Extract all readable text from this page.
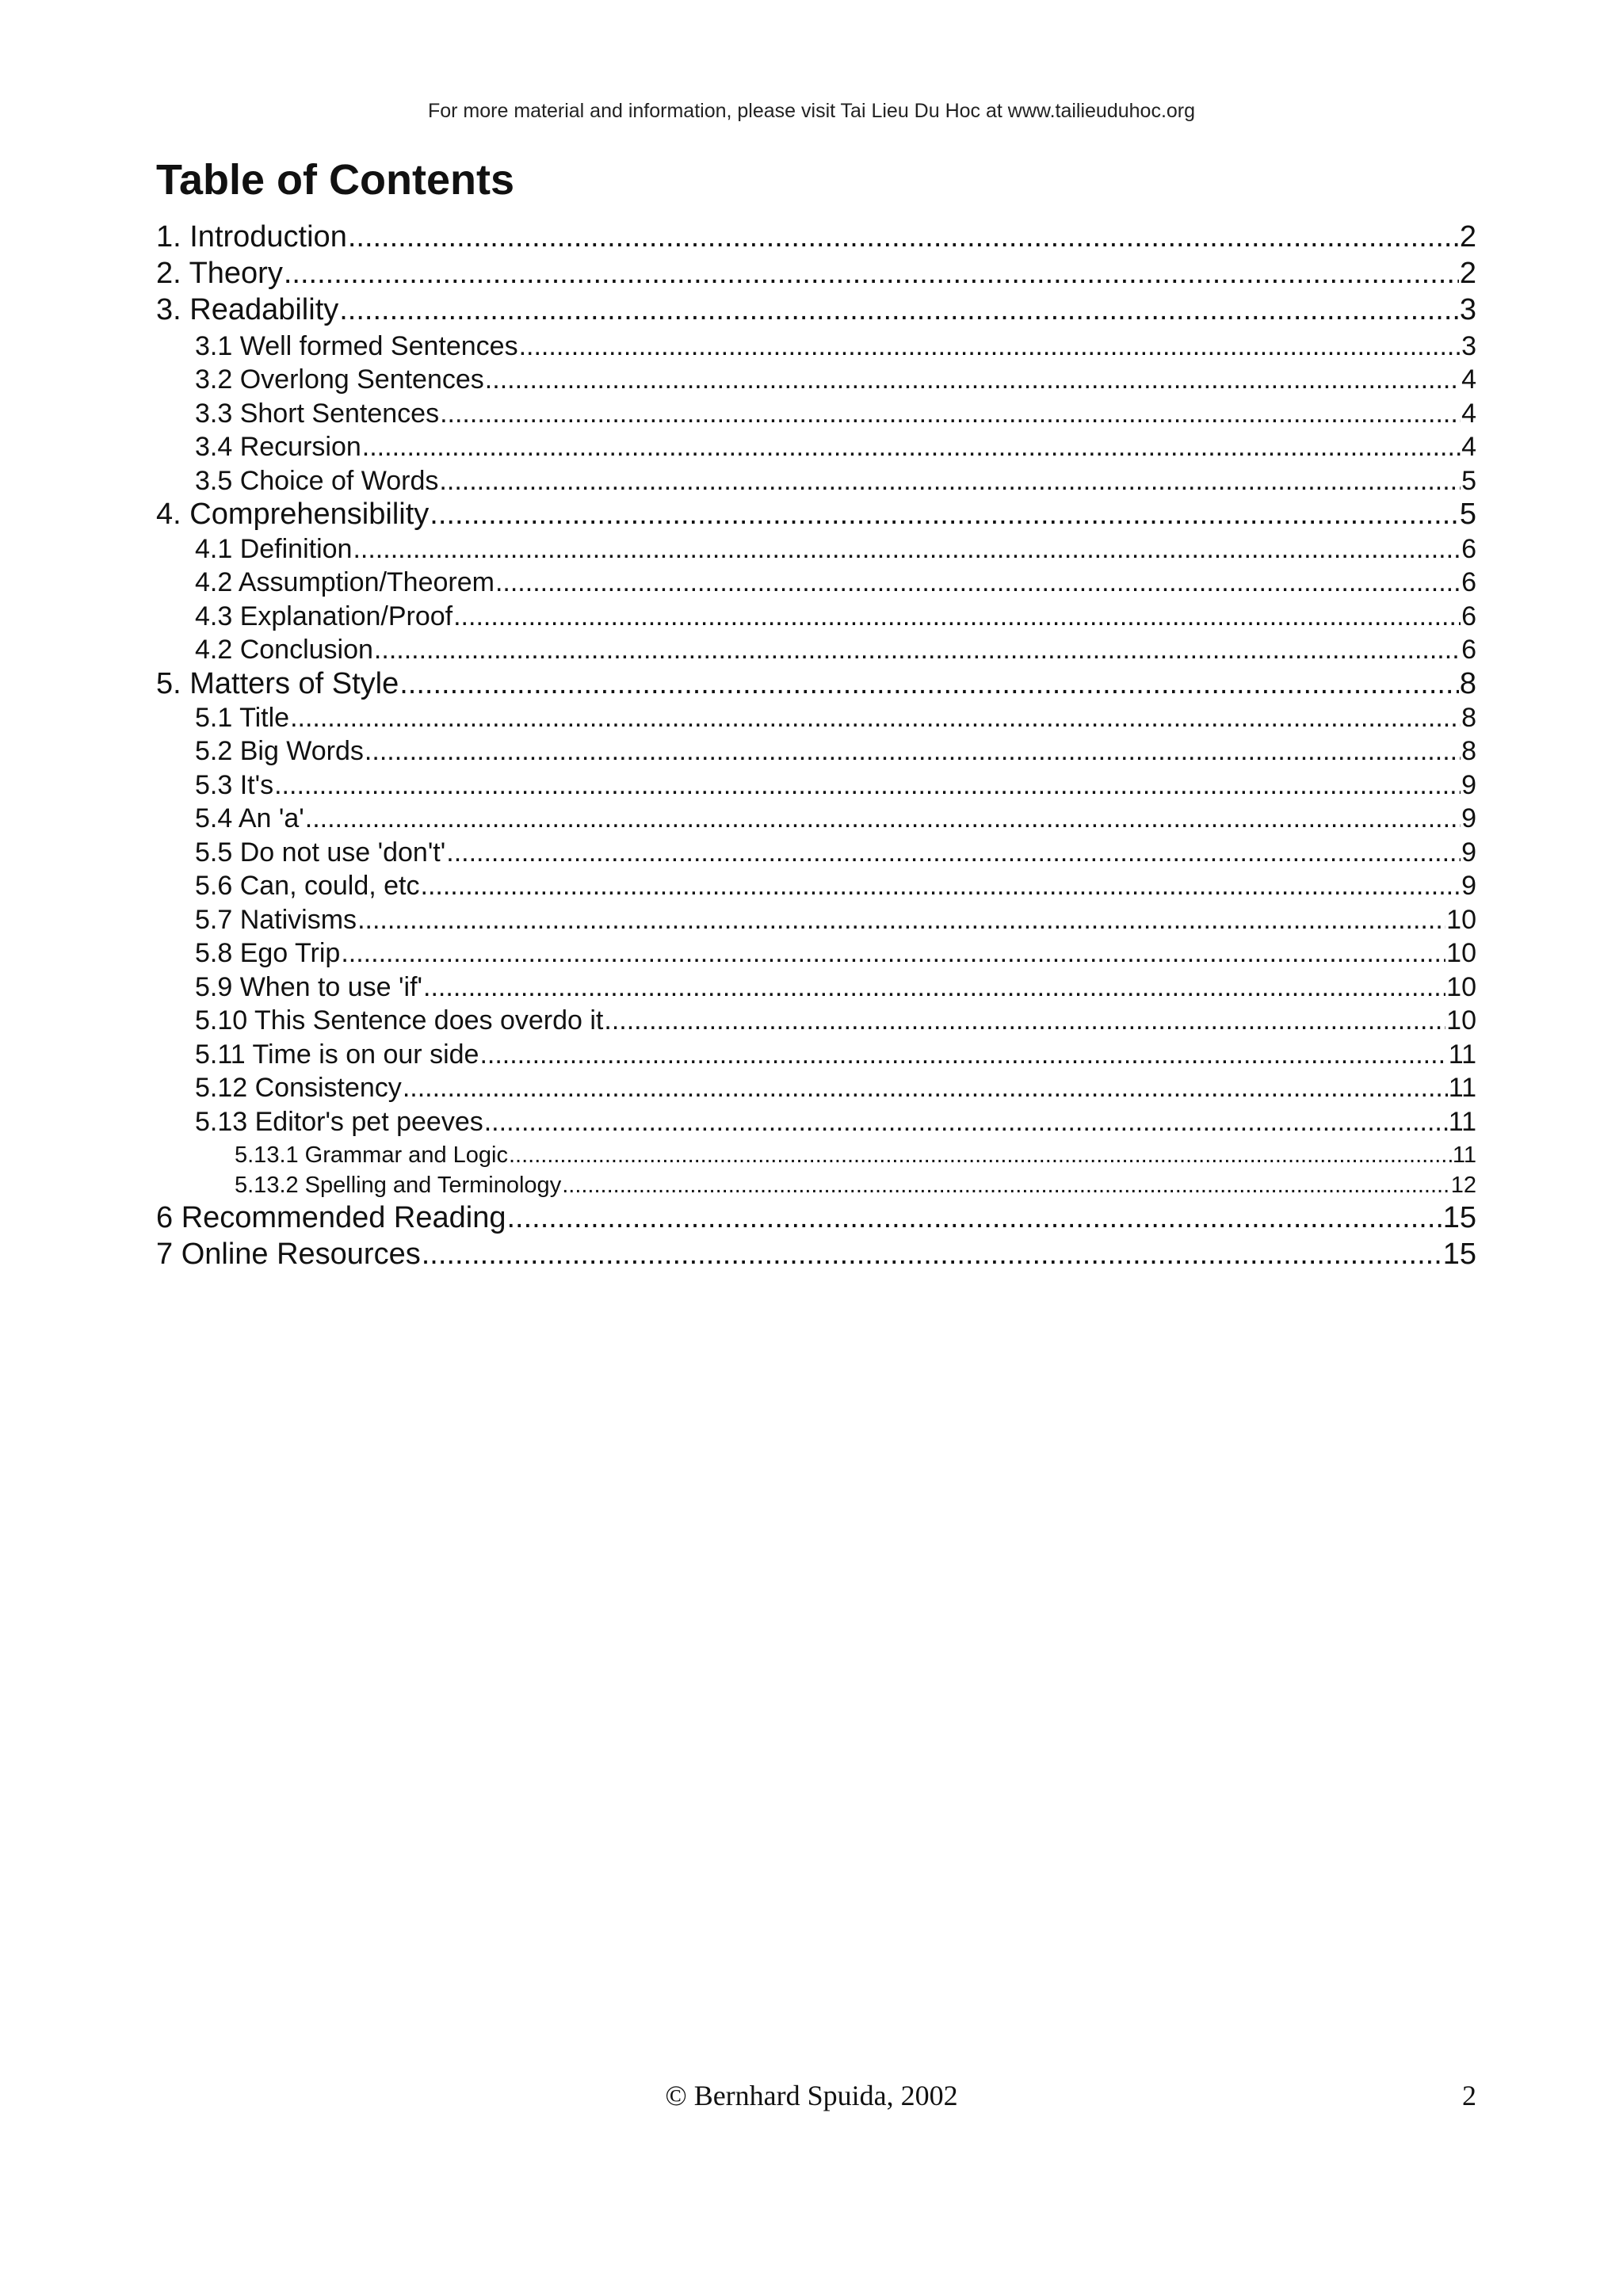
For more material and information, please visit Tai Lieu Du Hoc at www.tailieuduhoc.org
Table of Contents
1. Introduction .....	2
2. Theory .....	2
3. Readability .....	3
3.1 Well formed Sentences .....	3
3.2 Overlong Sentences .....	4
3.3 Short Sentences .....	4
3.4 Recursion .....	4
3.5 Choice of Words .....	5
4. Comprehensibility .....	5
4.1 Definition .....	6
4.2 Assumption/Theorem .....	6
4.3 Explanation/Proof .....	6
4.2 Conclusion .....	6
5. Matters of Style .....	8
5.1 Title .....	8
5.2 Big Words .....	8
5.3 It's .....	9
5.4 An 'a' .....	9
5.5 Do not use 'don't' .....	9
5.6 Can, could, etc .....	9
5.7 Nativisms .....	10
5.8 Ego Trip .....	10
5.9 When to use 'if' .....	10
5.10 This Sentence does overdo it .....	10
5.11 Time is on our side .....	11
5.12 Consistency .....	11
5.13 Editor's pet peeves .....	11
5.13.1 Grammar and Logic .....	11
5.13.2 Spelling and Terminology .....	12
6 Recommended Reading .....	15
7 Online Resources .....	15
© Bernhard Spuida, 2002	2
